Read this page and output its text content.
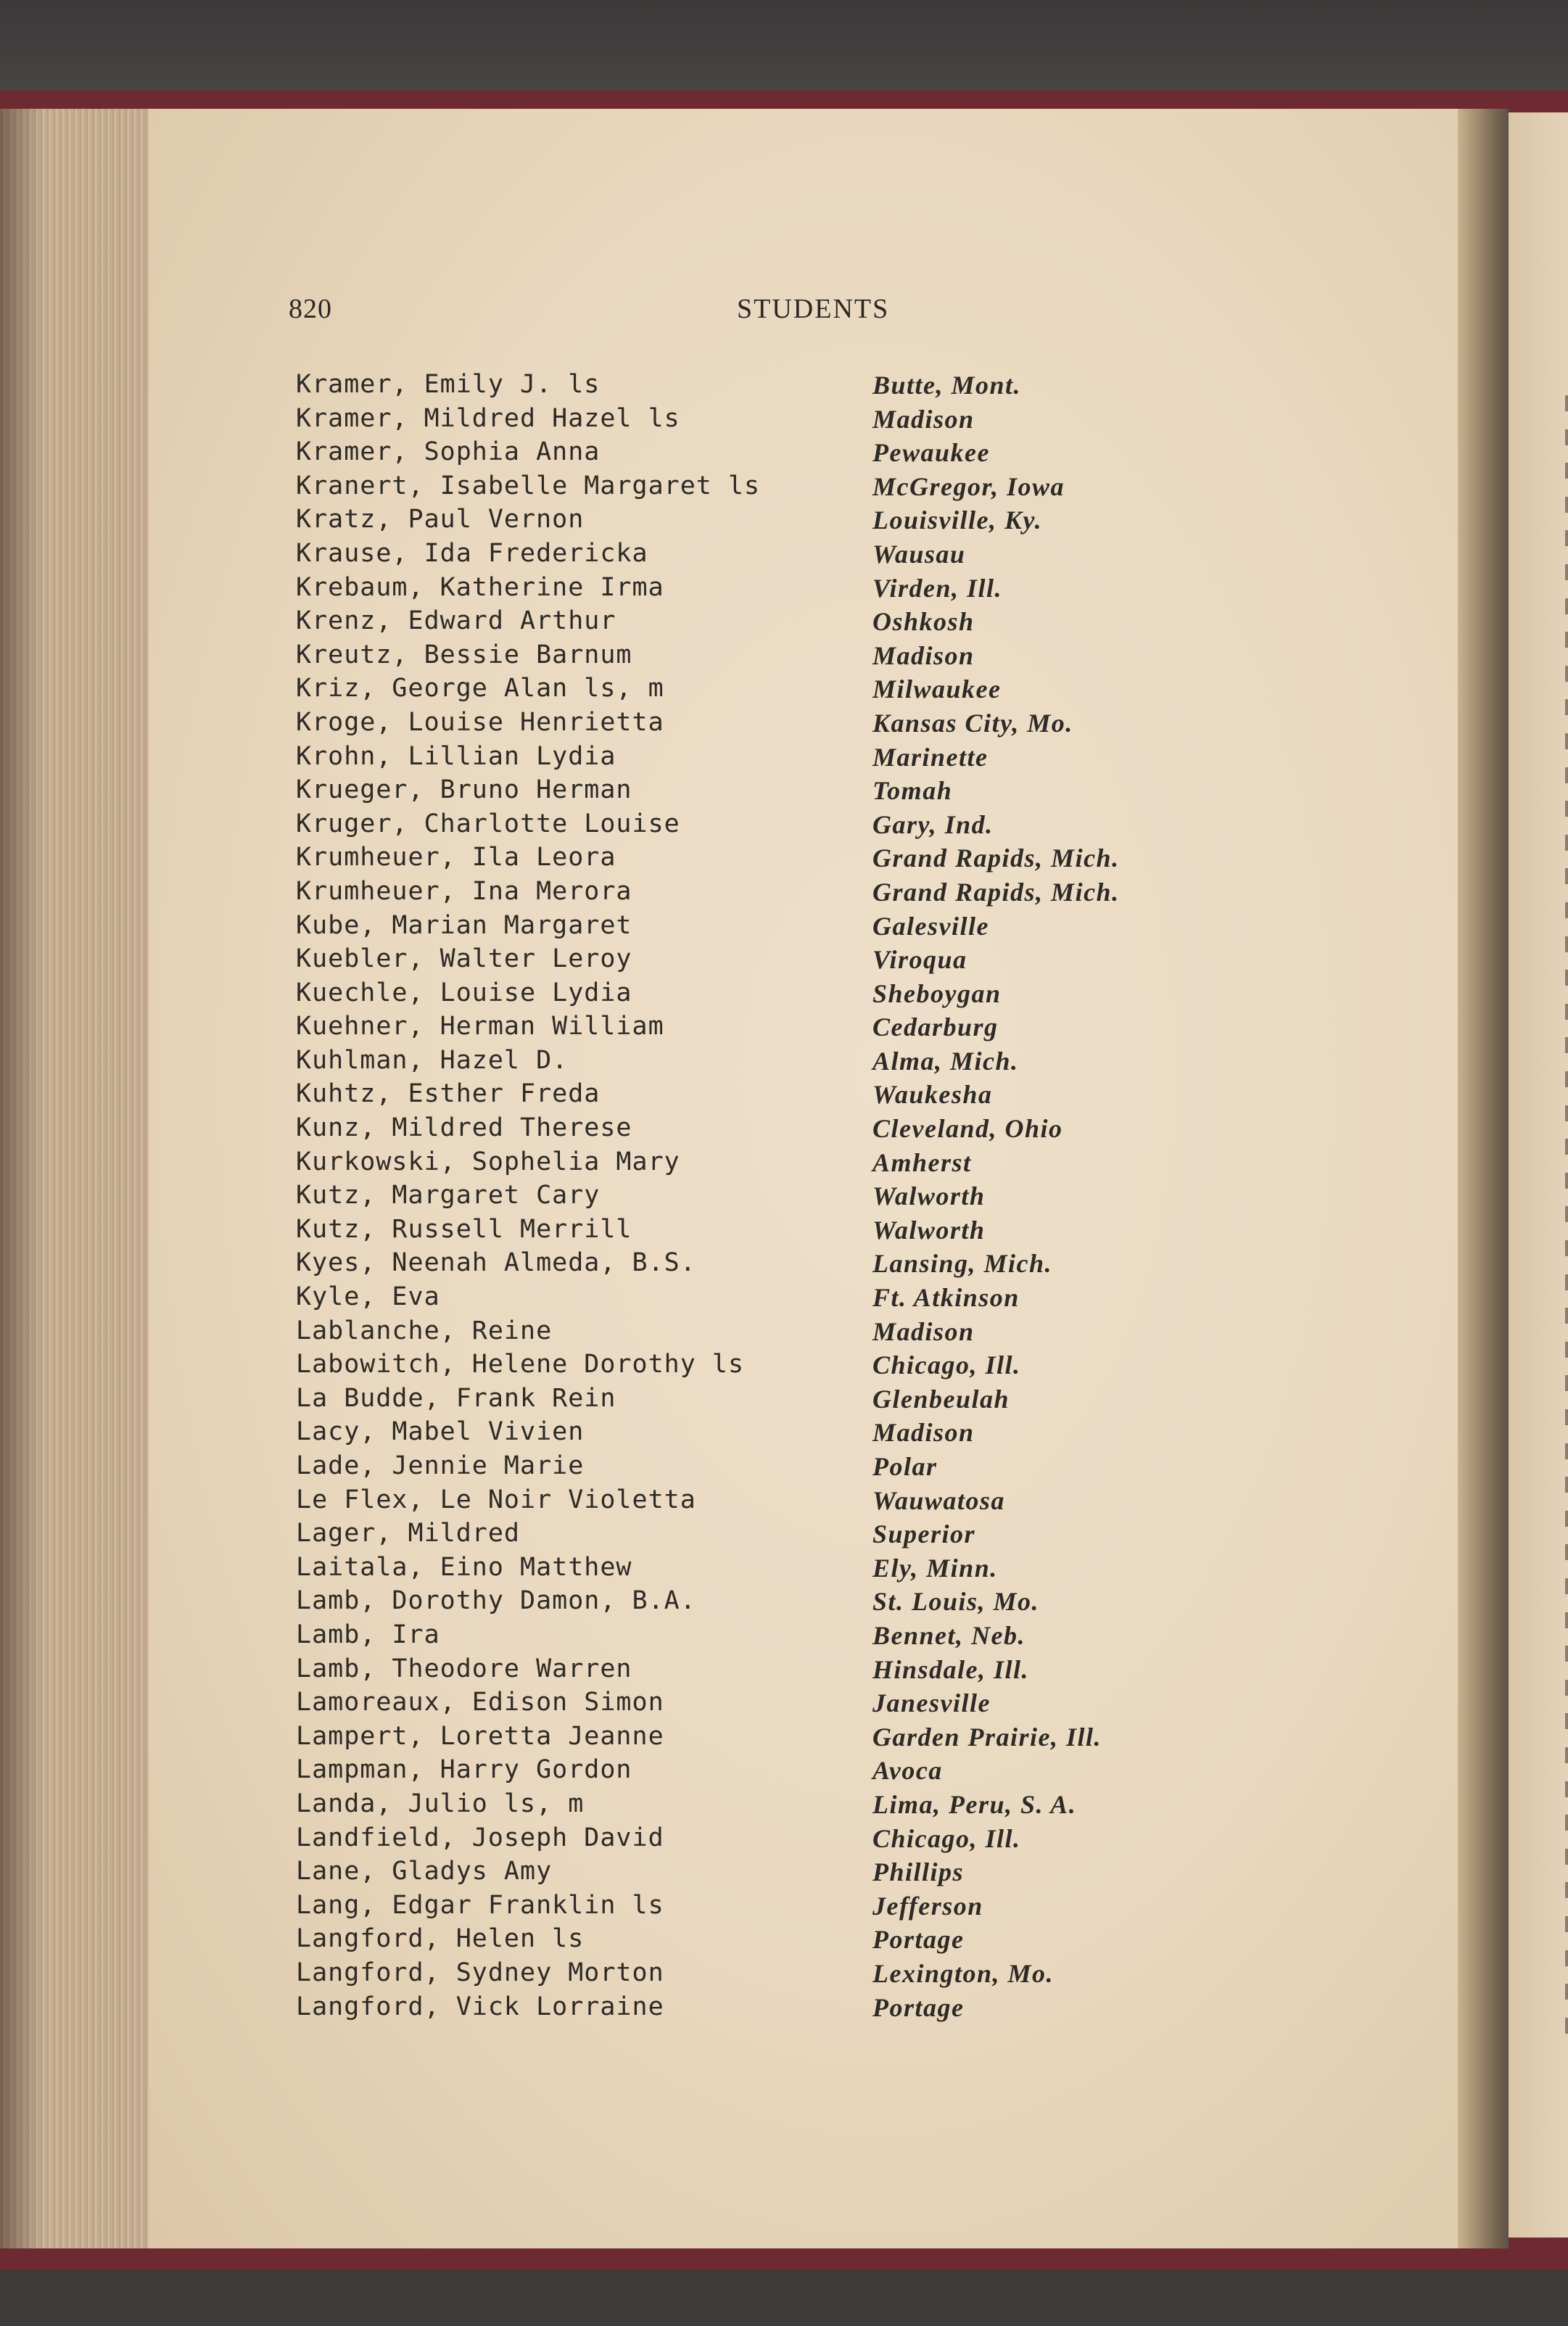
820	STUDENTS
Kramer, Emily J. ls	Butte, Mont.
Kramer, Mildred Hazel ls	Madison
Kramer, Sophia Anna	Pewaukee
Kranert, Isabelle Margaret ls	McGregor, Iowa
Kratz, Paul Vernon	Louisville, Ky.
Krause, Ida Fredericka	Wausau
Krebaum, Katherine Irma	Virden, Ill.
Krenz, Edward Arthur	Oshkosh
Kreutz, Bessie Barnum	Madison
Kriz, George Alan ls, m	Milwaukee
Kroge, Louise Henrietta	Kansas City, Mo.
Krohn, Lillian Lydia	Marinette
Krueger, Bruno Herman	Tomah
Kruger, Charlotte Louise	Gary, Ind.
Krumheuer, Ila Leora	Grand Rapids, Mich.
Krumheuer, Ina Merora	Grand Rapids, Mich.
Kube, Marian Margaret	Galesville
Kuebler, Walter Leroy	Viroqua
Kuechle, Louise Lydia	Sheboygan
Kuehner, Herman William	Cedarburg
Kuhlman, Hazel D.	Alma, Mich.
Kuhtz, Esther Freda	Waukesha
Kunz, Mildred Therese	Cleveland, Ohio
Kurkowski, Sophelia Mary	Amherst
Kutz, Margaret Cary	Walworth
Kutz, Russell Merrill	Walworth
Kyes, Neenah Almeda, B.S.	Lansing, Mich.
Kyle, Eva	Ft. Atkinson
Lablanche, Reine	Madison
Labowitch, Helene Dorothy ls	Chicago, Ill.
La Budde, Frank Rein	Glenbeulah
Lacy, Mabel Vivien	Madison
Lade, Jennie Marie	Polar
Le Flex, Le Noir Violetta	Wauwatosa
Lager, Mildred	Superior
Laitala, Eino Matthew	Ely, Minn.
Lamb, Dorothy Damon, B.A.	St. Louis, Mo.
Lamb, Ira	Bennet, Neb.
Lamb, Theodore Warren	Hinsdale, Ill.
Lamoreaux, Edison Simon	Janesville
Lampert, Loretta Jeanne	Garden Prairie, Ill.
Lampman, Harry Gordon	Avoca
Landa, Julio ls, m	Lima, Peru, S. A.
Landfield, Joseph David	Chicago, Ill.
Lane, Gladys Amy	Phillips
Lang, Edgar Franklin ls	Jefferson
Langford, Helen ls	Portage
Langford, Sydney Morton	Lexington, Mo.
Langford, Vick Lorraine	Portage
